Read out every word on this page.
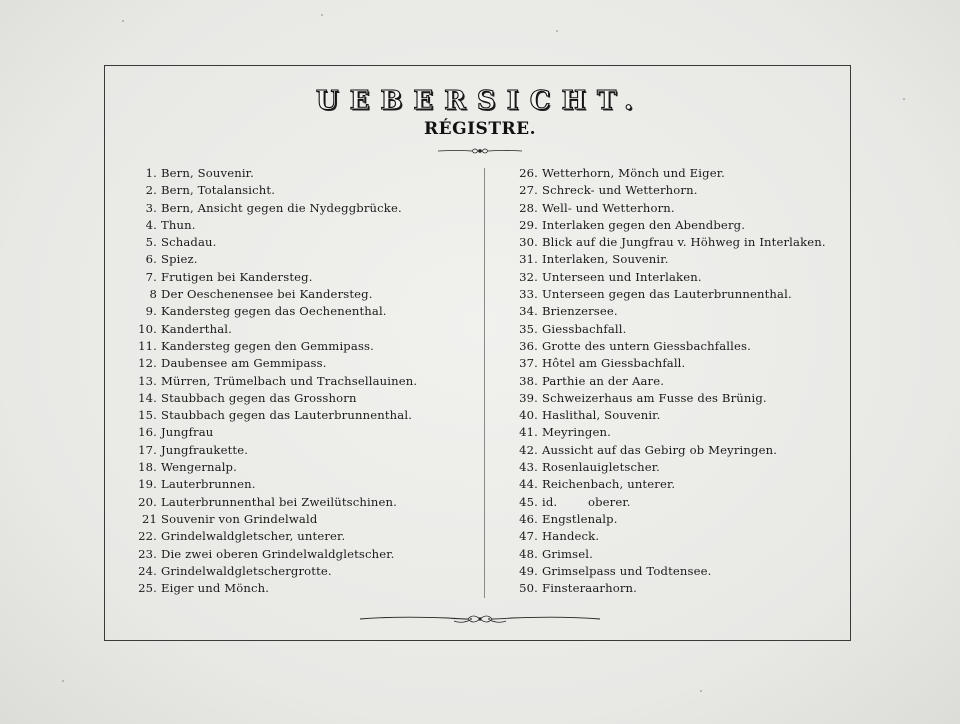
UEBERSICHT.
RÉGISTRE.
1. Bern, Souvenir.
2. Bern, Totalansicht.
3. Bern, Ansicht gegen die Nydeggbrücke.
4. Thun.
5. Schadau.
6. Spiez.
7. Frutigen bei Kandersteg.
8 Der Oeschenensee bei Kandersteg.
9. Kandersteg gegen das Oechenenthal.
10. Kanderthal.
11. Kandersteg gegen den Gemmipass.
12. Daubensee am Gemmipass.
13. Mürren, Trümelbach und Trachsellauinen.
14. Staubbach gegen das Grosshorn
15. Staubbach gegen das Lauterbrunnenthal.
16. Jungfrau
17. Jungfraukette.
18. Wengernalp.
19. Lauterbrunnen.
20. Lauterbrunnenthal bei Zweilütschinen.
21 Souvenir von Grindelwald
22. Grindelwaldgletscher, unterer.
23. Die zwei oberen Grindelwaldgletscher.
24. Grindelwaldgletschergrotte.
25. Eiger und Mönch.
26. Wetterhorn, Mönch und Eiger.
27. Schreck- und Wetterhorn.
28. Well- und Wetterhorn.
29. Interlaken gegen den Abendberg.
30. Blick auf die Jungfrau v. Höhweg in Interlaken.
31. Interlaken, Souvenir.
32. Unterseen und Interlaken.
33. Unterseen gegen das Lauterbrunnenthal.
34. Brienzersee.
35. Giessbachfall.
36. Grotte des untern Giessbachfalles.
37. Hôtel am Giessbachfall.
38. Parthie an der Aare.
39. Schweizerhaus am Fusse des Brünig.
40. Haslithal, Souvenir.
41. Meyringen.
42. Aussicht auf das Gebirg ob Meyringen.
43. Rosenlauigletscher.
44. Reichenbach, unterer.
45. id.        oberer.
46. Engstlenalp.
47. Handeck.
48. Grimsel.
49. Grimselpass und Todtensee.
50. Finsteraarhorn.
